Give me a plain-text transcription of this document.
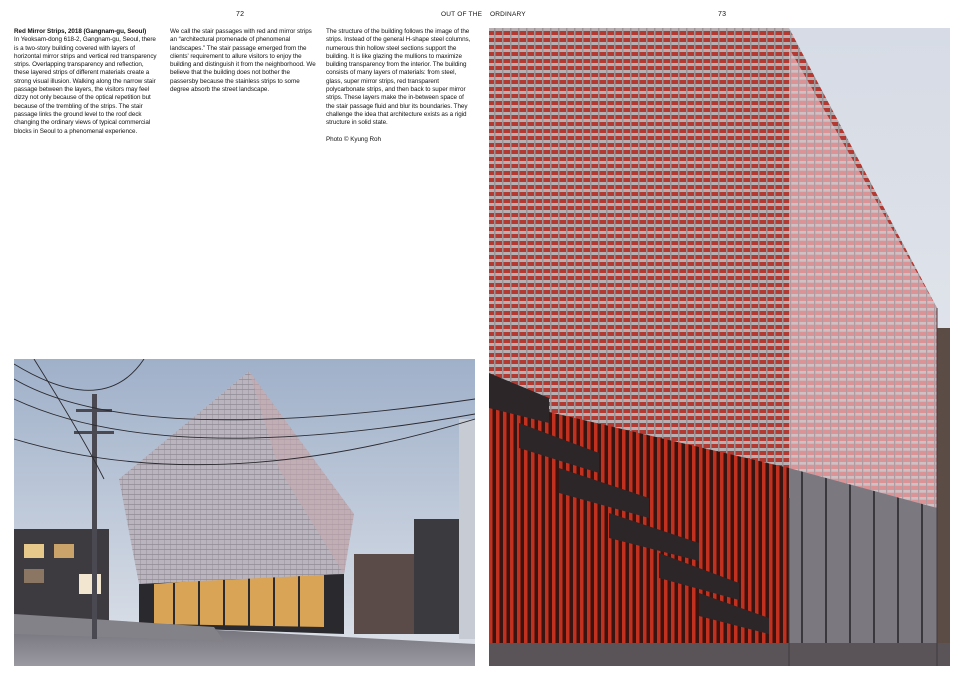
72	OUT OF THE ORDINARY	73

Red Mirror Strips, 2018 (Gangnam-gu, Seoul)

In Yeoksam-dong 618-2, Gangnam-gu, Seoul, there is a two-story building covered with layers of horizontal mirror strips and vertical red transparency strips. Overlapping transparency and reflection, these layered strips of different materials create a strong visual illusion. Walking along the narrow stair passage between the layers, the visitors may feel dizzy not only because of the optical repetition but because of the trembling of the strips. The stair passage links the ground level to the roof deck changing the ordinary views of typical commercial blocks in Seoul to a phenomenal experience.

We call the stair passages with red and mirror strips an “architectural promenade of phenomenal landscapes.” The stair passage emerged from the clients' requirement to allure visitors to enjoy the building and distinguish it from the neighborhood. We believe that the building does not bother the passersby because the stainless strips to some degree absorb the street landscape.

The structure of the building follows the image of the strips. Instead of the general H-shape steel columns, numerous thin hollow steel sections support the building. It is like glazing the mullions to maximize building transparency from the interior. The building consists of many layers of materials: from steel, glass, super mirror strips, red transparent polycarbonate strips, and then back to super mirror strips. These layers make the in-between space of the stair passage fluid and blur its boundaries. They challenge the idea that architecture exists as a rigid structure in solid state.

Photo © Kyung Roh
